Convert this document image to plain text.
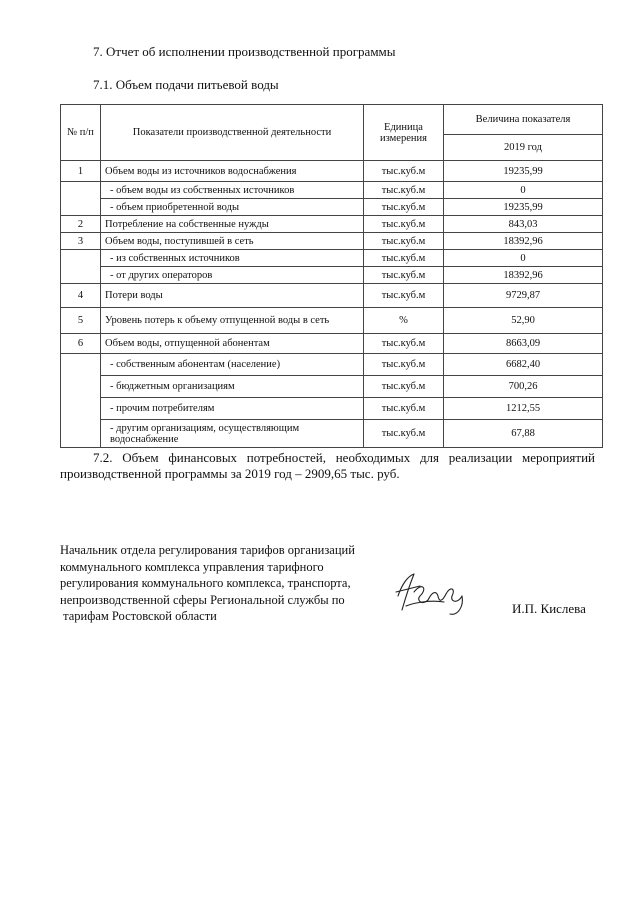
7. Отчет об исполнении производственной программы
7.1. Объем подачи питьевой воды
№ п/п	Показатели производственной деятельности	Единица измерения	Величина показателя
			2019 год
1	Объем воды из источников водоснабжения	тыс.куб.м	19235,99
	- объем воды из собственных источников	тыс.куб.м	0
	- объем приобретенной воды	тыс.куб.м	19235,99
2	Потребление на собственные нужды	тыс.куб.м	843,03
3	Объем воды, поступившей в сеть	тыс.куб.м	18392,96
	- из собственных источников	тыс.куб.м	0
	- от других операторов	тыс.куб.м	18392,96
4	Потери воды	тыс.куб.м	9729,87
5	Уровень потерь к объему отпущенной воды в сеть	%	52,90
6	Объем воды, отпущенной абонентам	тыс.куб.м	8663,09
	- собственным абонентам (население)	тыс.куб.м	6682,40
	- бюджетным организациям	тыс.куб.м	700,26
	- прочим потребителям	тыс.куб.м	1212,55
	- другим организациям, осуществляющим водоснабжение	тыс.куб.м	67,88
7.2. Объем финансовых потребностей, необходимых для реализации мероприятий производственной программы за 2019 год – 2909,65 тыс. руб.
Начальник отдела регулирования тарифов организаций
коммунального комплекса управления тарифного
регулирования коммунального комплекса, транспорта,
непроизводственной сферы Региональной службы по
тарифам Ростовской области	И.П. Кислева
